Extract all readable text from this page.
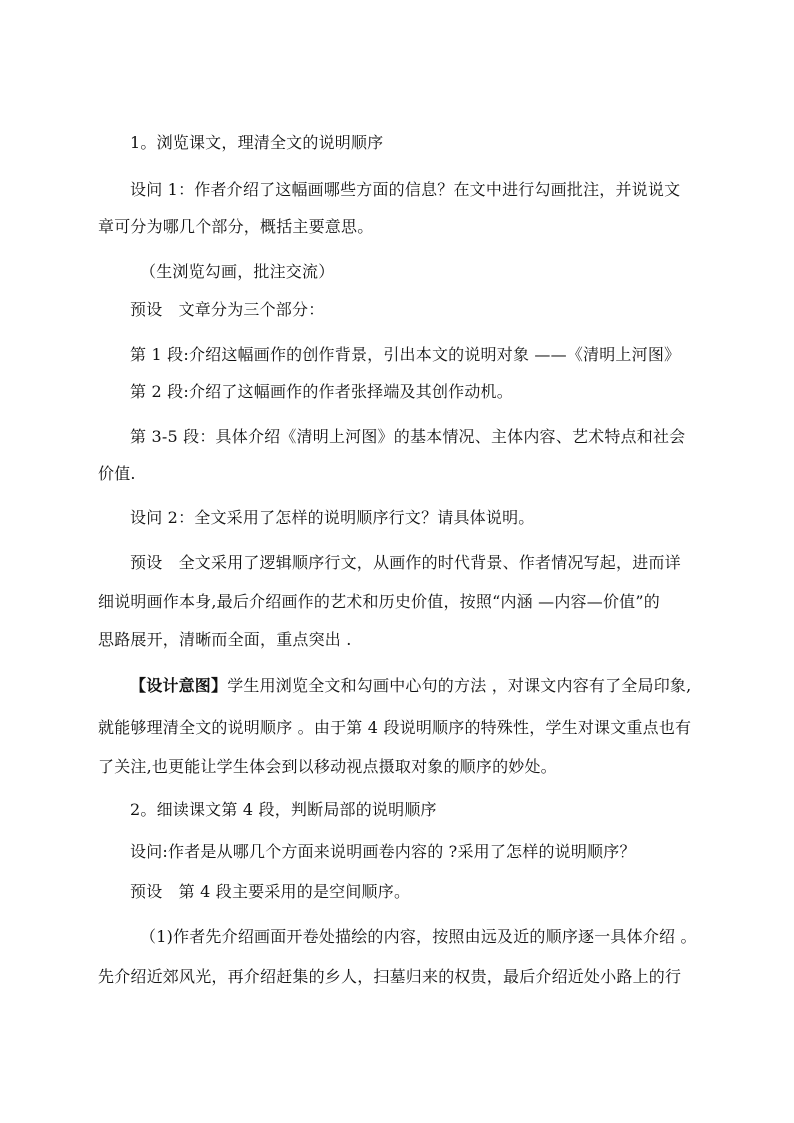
1。浏览课文，理清全文的说明顺序
设问 1：作者介绍了这幅画哪些方面的信息？在文中进行勾画批注，并说说文
章可分为哪几个部分，概括主要意思。
（生浏览勾画，批注交流）
预设　文章分为三个部分：
第 1 段:介绍这幅画作的创作背景，引出本文的说明对象 ——《清明上河图》
第 2 段:介绍了这幅画作的作者张择端及其创作动机。
第 3-5 段：具体介绍《清明上河图》的基本情况、主体内容、艺术特点和社会
价值.
设问 2：全文采用了怎样的说明顺序行文？请具体说明。
预设　全文采用了逻辑顺序行文，从画作的时代背景、作者情况写起，进而详
细说明画作本身,最后介绍画作的艺术和历史价值，按照“内涵 —内容—价值”的
思路展开，清晰而全面，重点突出 .
【设计意图】学生用浏览全文和勾画中心句的方法 ，对课文内容有了全局印象,
就能够理清全文的说明顺序 。由于第 4 段说明顺序的特殊性，学生对课文重点也有
了关注,也更能让学生体会到以移动视点摄取对象的顺序的妙处。
2。细读课文第 4 段，判断局部的说明顺序
设问:作者是从哪几个方面来说明画卷内容的 ?采用了怎样的说明顺序？
预设　第 4 段主要采用的是空间顺序。
（1)作者先介绍画面开卷处描绘的内容，按照由远及近的顺序逐一具体介绍 。
先介绍近郊风光，再介绍赶集的乡人，扫墓归来的权贵，最后介绍近处小路上的行
